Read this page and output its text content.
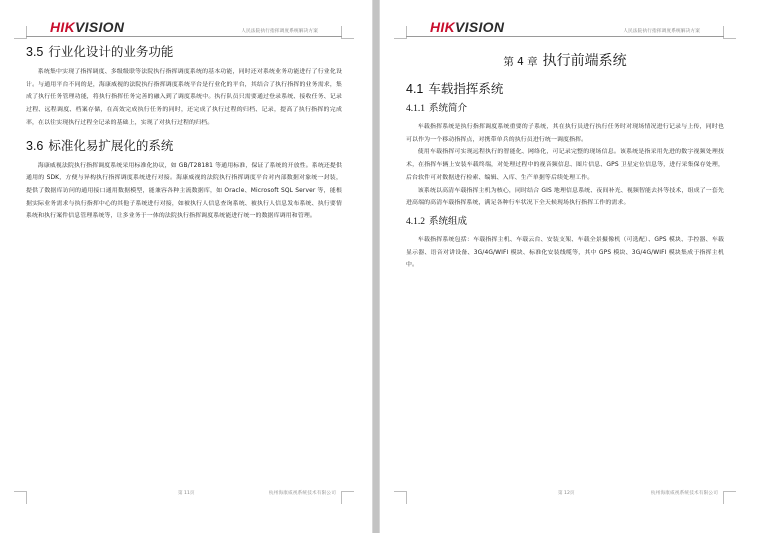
HIKVISION	人民法院执行指挥调度系统解决方案
3.5 行业化设计的业务功能

系统集中实现了指挥调度、多级级联等法院执行指挥调度系统的基本功能，同时还对系统业务功能进行了行业化设计。与通用平台不同的是，海康威视的法院执行指挥调度系统平台是行业化的平台，其结合了执行指挥的业务需求，集成了执行任务管理功能，将执行指挥任务完善的融入到了调度系统中。执行队员只需要通过登录系统、接收任务、记录过程、远程调度、档案存储，在高效完成执行任务的同时，还完成了执行过程的归档、记录，提高了执行指挥的完成率，在以往实现执行过程全记录的基础上，实现了对执行过程的归档。

3.6 标准化易扩展化的系统

海康威视法院执行指挥调度系统采用标准化协议，如 GB/T28181 等通用标准，保证了系统的开放性。系统还提供通用的 SDK，方便与异构执行指挥调度系统进行对接。海康威视的法院执行指挥调度平台对内部数据对象统一封装，提供了数据库访问的通用接口通用数据模型，能兼容各种主流数据库，如 Oracle、Microsoft SQL Server 等，能根据实际业务需求与执行指挥中心的其他子系统进行对接，如被执行人信息查询系统、被执行人信息发布系统、执行要情系统和执行案件信息管理系统等，让多业务于一体的法院执行指挥调度系统能进行统一的数据库调用和管理。

第 11页	杭州海康威视系统技术有限公司
HIKVISION	人民法院执行指挥调度系统解决方案
第 4 章 执行前端系统
4.1 车载指挥系统
4.1.1 系统简介

车载指挥系统是执行指挥调度系统重要的子系统，其在执行员进行执行任务时对现场情况进行记录与上传，同时也可以作为一个移动指挥点，对携带单兵的执行员进行统一调度指挥。

使用车载指挥可实现远程执行的智能化、网络化，可记录完整的现场信息。该系统是指采用先进的数字视频处理技术，在指挥车辆上安装车载终端，对处理过程中的视音频信息、图片信息、GPS 卫星定位信息等，进行采集保存处理，后台软件可对数据进行检索、编辑、入库、生产单据等后续处理工作。

该系统以高清车载指挥主机为核心，同时结合 GIS 地理信息系统、夜间补光、视频智能去抖等技术，组成了一套先进高端的高清车载指挥系统，满足各种行车状况下全天候现场执行指挥工作的需求。

4.1.2 系统组成

车载指挥系统包括：车载指挥主机、车载云台、安装支架、车载全景摄像机（可选配）、GPS 模块、手控器、车载显示器、语音对讲设备、3G/4G/WIFI 模块、标准化安装线缆等，其中 GPS 模块、3G/4G/WIFI 模块集成于指挥主机中。

第 12页	杭州海康威视系统技术有限公司
